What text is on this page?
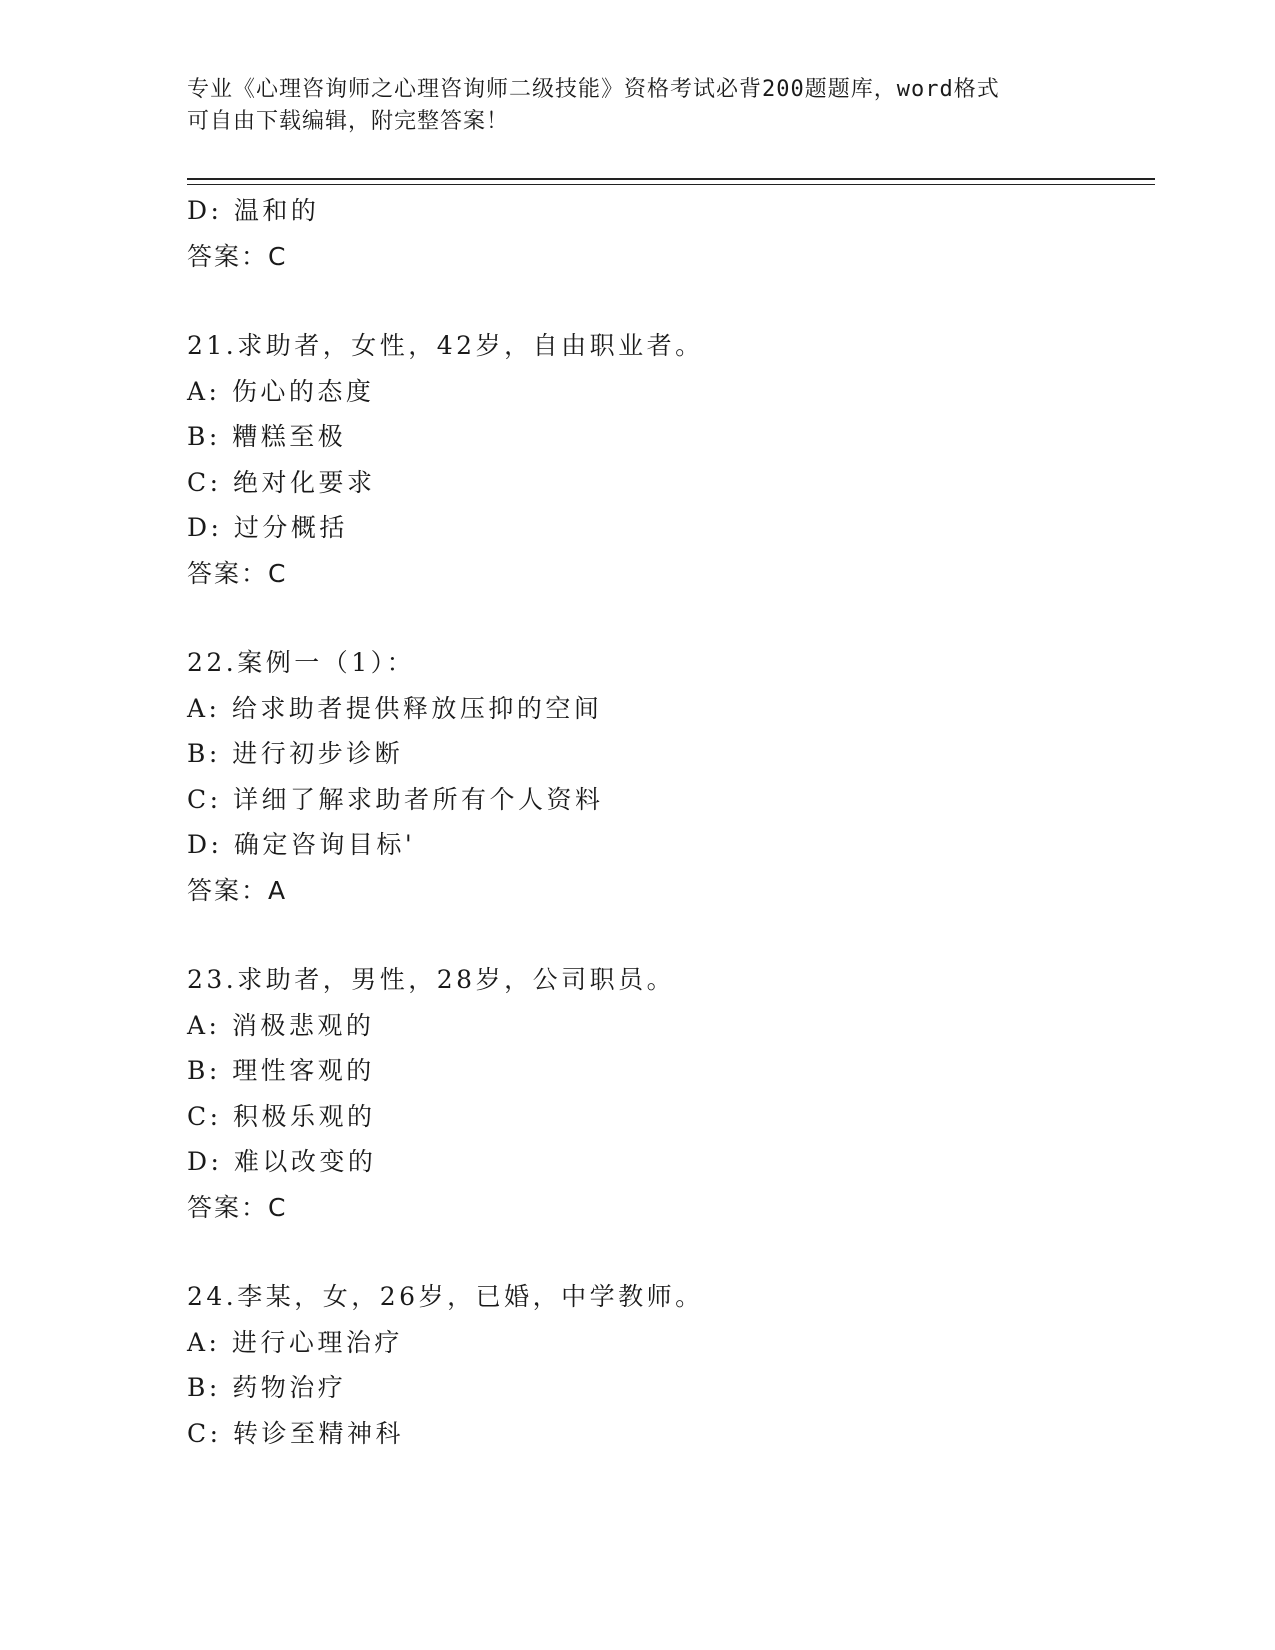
专业《心理咨询师之心理咨询师二级技能》资格考试必背200题题库，word格式
可自由下载编辑，附完整答案！
D: 温和的
答案：C
21.求助者，女性，42岁，自由职业者。
A: 伤心的态度
B: 糟糕至极
C: 绝对化要求
D: 过分概括
答案：C
22.案例一（1）：
A: 给求助者提供释放压抑的空间
B: 进行初步诊断
C: 详细了解求助者所有个人资料
D: 确定咨询目标'
答案：A
23.求助者，男性，28岁，公司职员。
A: 消极悲观的
B: 理性客观的
C: 积极乐观的
D: 难以改变的
答案：C
24.李某，女，26岁，已婚，中学教师。
A: 进行心理治疗
B: 药物治疗
C: 转诊至精神科
